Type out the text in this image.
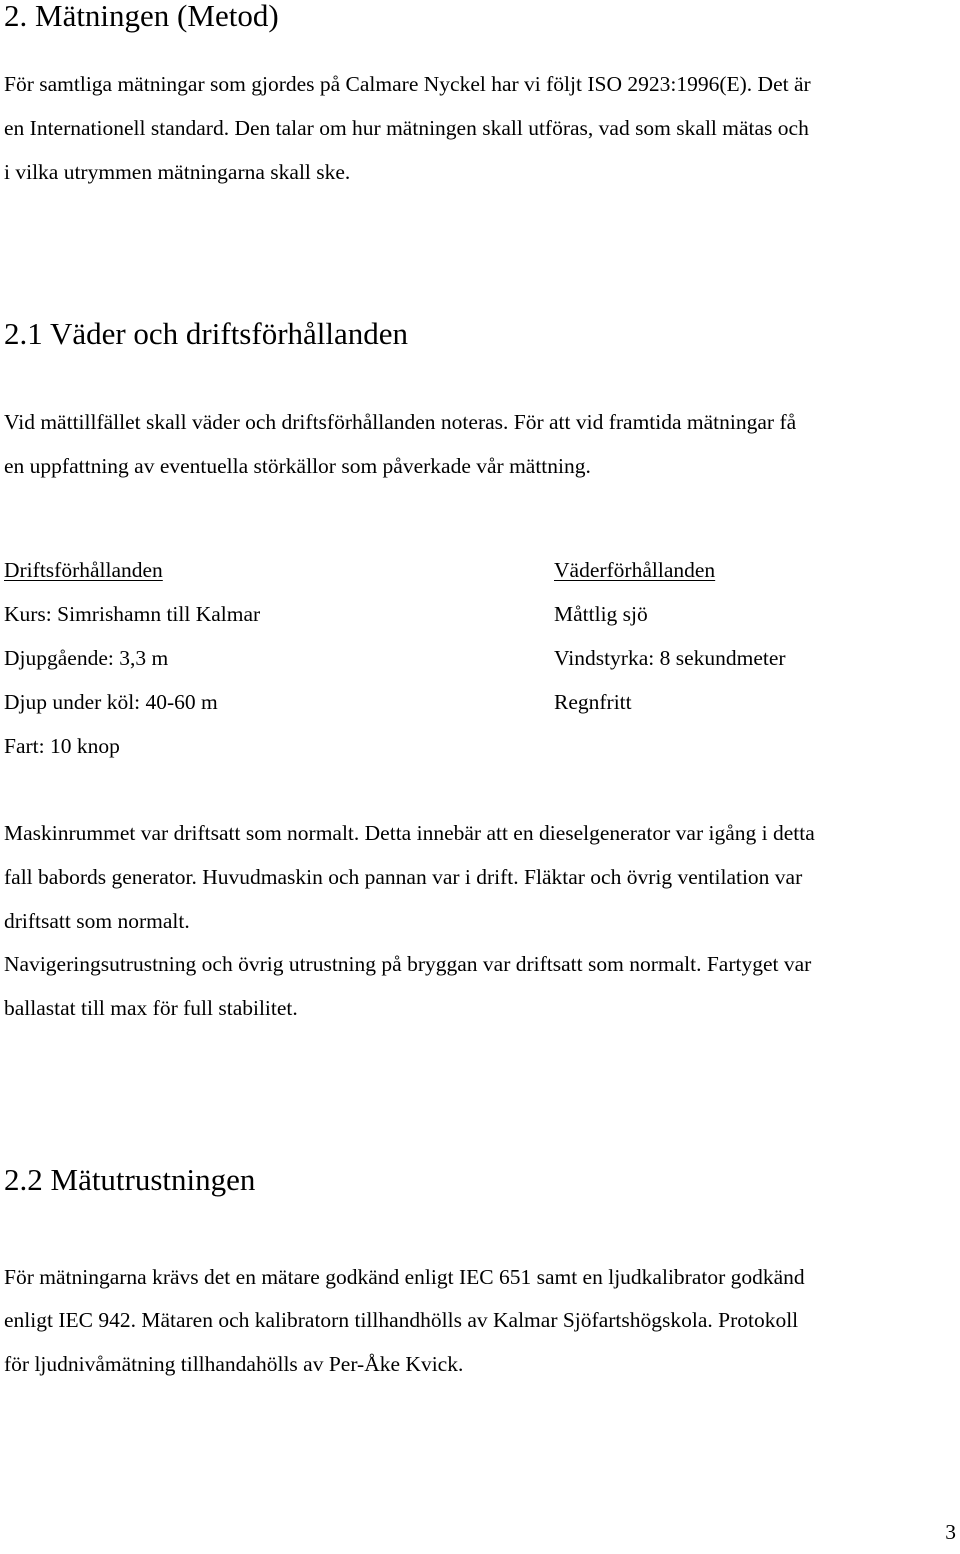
2. Mätningen (Metod)
För samtliga mätningar som gjordes på Calmare Nyckel har vi följt ISO 2923:1996(E). Det är
en Internationell standard. Den talar om hur mätningen skall utföras, vad som skall mätas och
i vilka utrymmen mätningarna skall ske.
2.1 Väder och driftsförhållanden
Vid mättillfället skall väder och driftsförhållanden noteras. För att vid framtida mätningar få
en uppfattning av eventuella störkällor som påverkade vår mättning.
Driftsförhållanden
Kurs: Simrishamn till Kalmar
Djupgående: 3,3 m
Djup under köl: 40-60 m
Fart: 10 knop
Väderförhållanden
Måttlig sjö
Vindstyrka: 8 sekundmeter
Regnfritt
Maskinrummet var driftsatt som normalt. Detta innebär att en dieselgenerator var igång i detta
fall babords generator. Huvudmaskin och pannan var i drift. Fläktar och övrig ventilation var
driftsatt som normalt.
Navigeringsutrustning och övrig utrustning på bryggan var driftsatt som normalt. Fartyget var
ballastat till max för full stabilitet.
2.2 Mätutrustningen
För mätningarna krävs det en mätare godkänd enligt IEC 651 samt en ljudkalibrator godkänd
enligt IEC 942. Mätaren och kalibratorn tillhandhölls av Kalmar Sjöfartshögskola. Protokoll
för ljudnivåmätning tillhandahölls av Per-Åke Kvick.
3
